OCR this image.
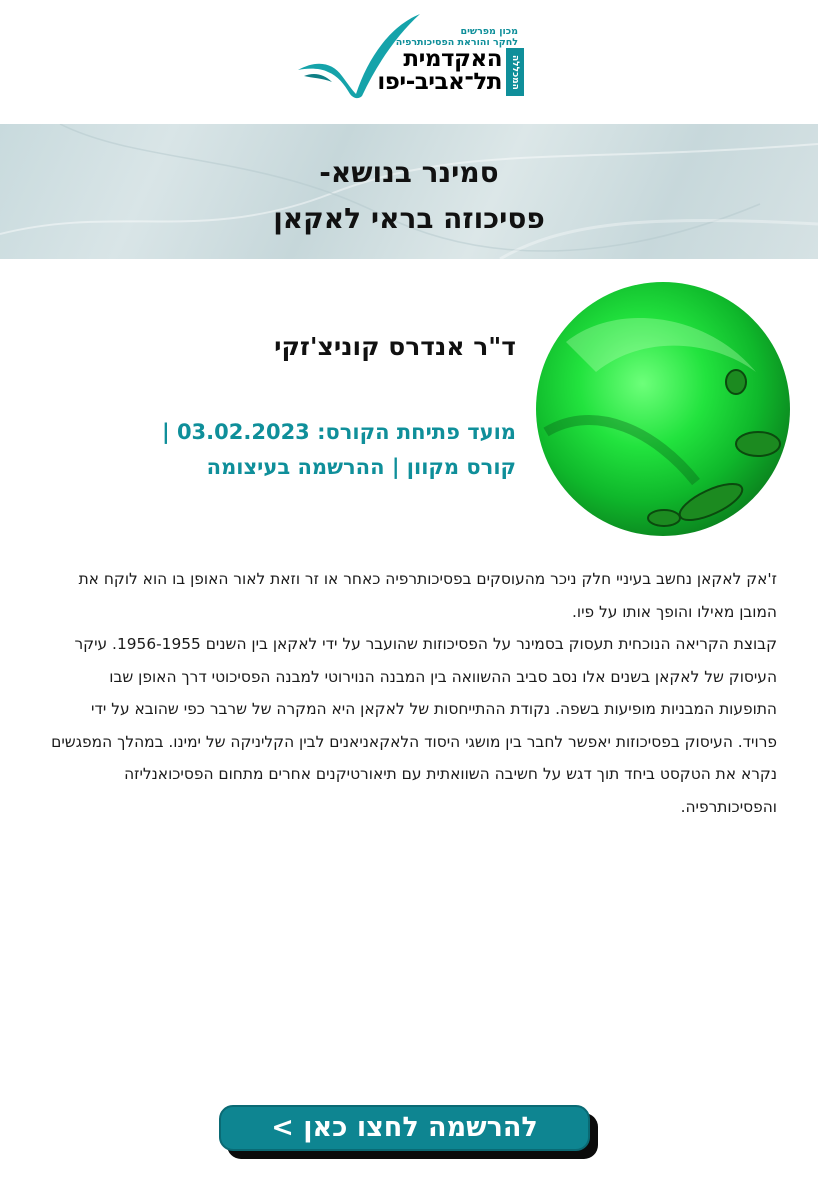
מכון מפרשים
לחקר והוראת הפסיכותרפיה
האקדמית
תל־אביב-יפו המכללה
סמינר בנושא-
פסיכוזה בראי לאקאן
ד"ר אנדרס קוניצ'זקי
מועד פתיחת הקורס: 03.02.2023 |
קורס מקוון | ההרשמה בעיצומה

ז'אק לאקאן נחשב בעיניי חלק ניכר מהעוסקים בפסיכותרפיה כאחר או זר וזאת לאור האופן בו הוא לוקח את המובן מאילו והופך אותו על פיו.

קבוצת הקריאה הנוכחית תעסוק בסמינר על הפסיכוזות שהועבר על ידי לאקאן בין השנים 1956-1955. עיקר העיסוק של לאקאן בשנים אלו נסב סביב ההשוואה בין המבנה הנוירוטי למבנה הפסיכוטי דרך האופן שבו התופעות המבניות מופיעות בשפה. נקודת ההתייחסות של לאקאן היא המקרה של שרבר כפי שהובא על ידי פרויד. העיסוק בפסיכוזות יאפשר לחבר בין מושגי היסוד הלאקאניאנים לבין הקליניקה של ימינו. במהלך המפגשים נקרא את הטקסט ביחד תוך דגש על חשיבה השוואתית עם תיאורטיקנים אחרים מתחום הפסיכואנליזה והפסיכותרפיה.

להרשמה לחצו כאן >
